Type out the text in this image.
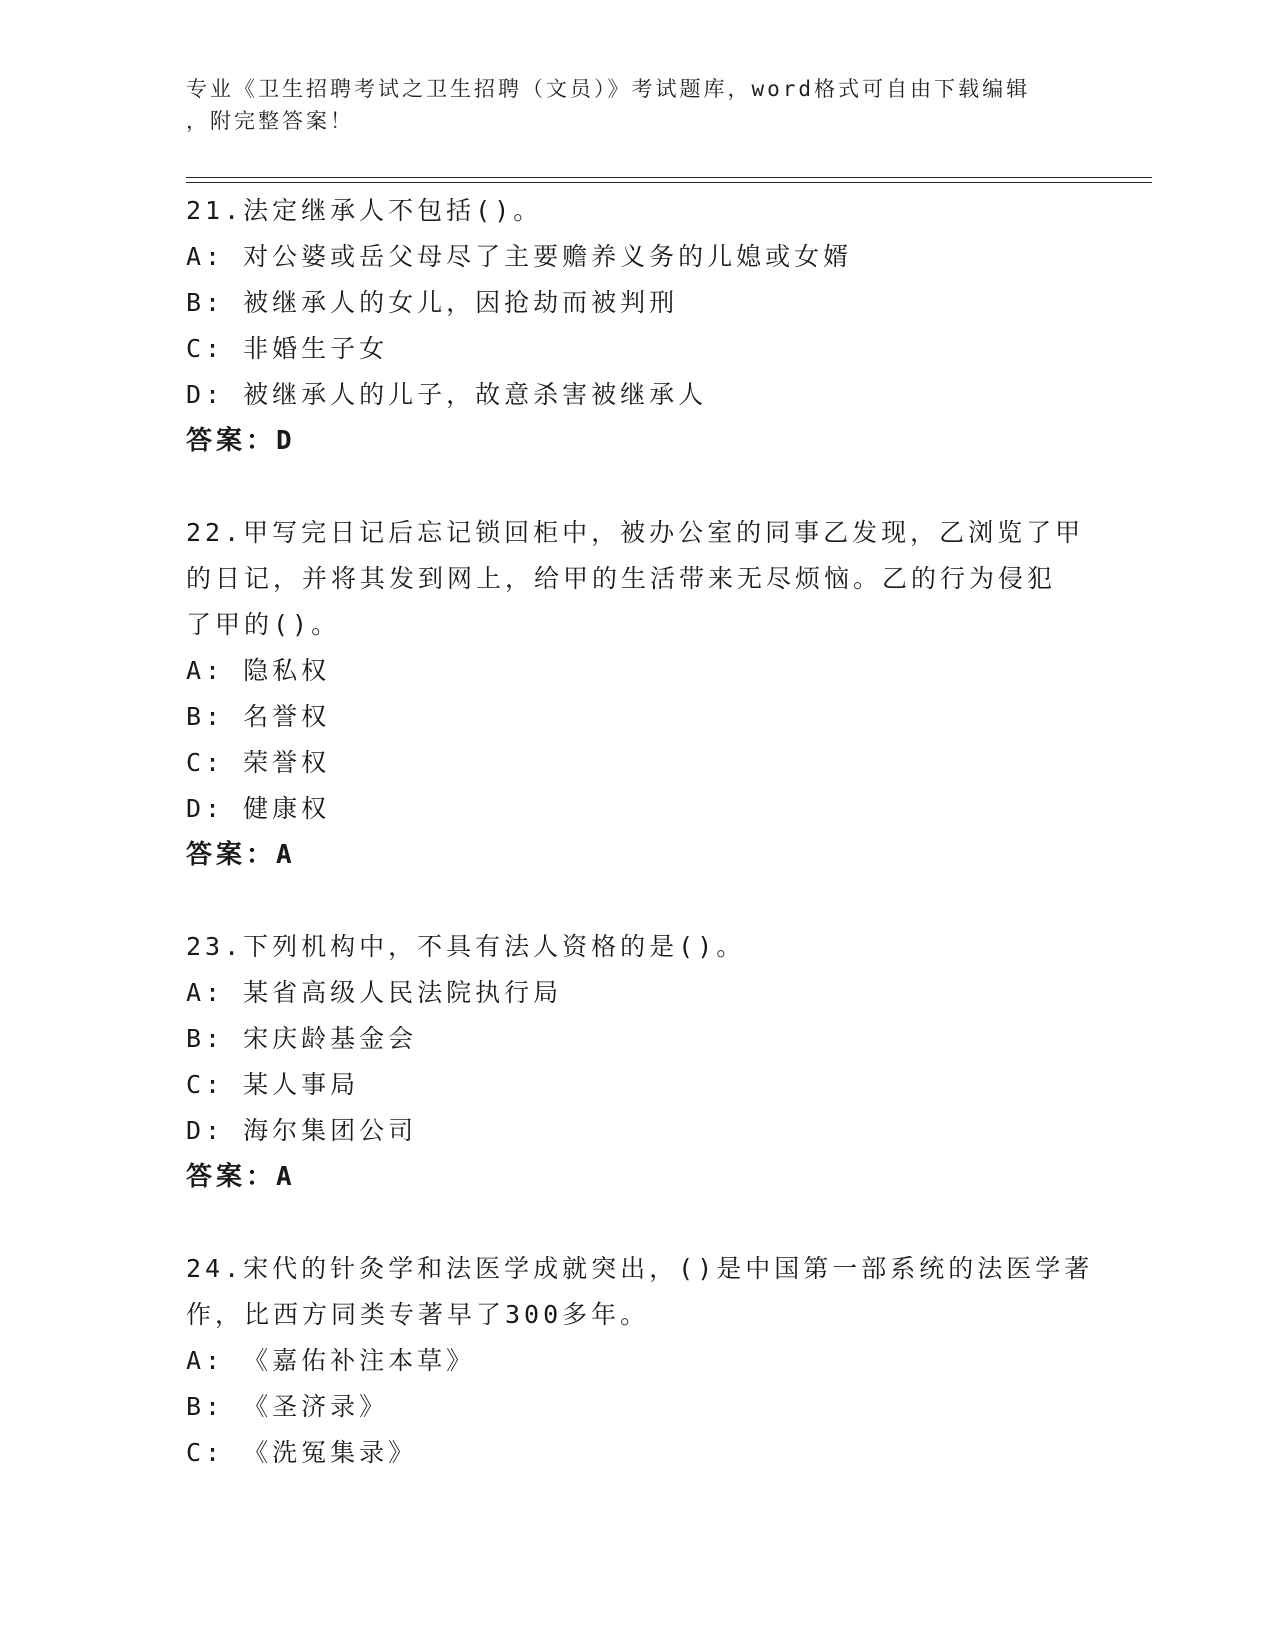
专业《卫生招聘考试之卫生招聘（文员）》考试题库，word格式可自由下载编辑
，附完整答案！
21.法定继承人不包括()。

A: 对公婆或岳父母尽了主要赡养义务的儿媳或女婿

B: 被继承人的女儿，因抢劫而被判刑

C: 非婚生子女

D: 被继承人的儿子，故意杀害被继承人

答案：D

22.甲写完日记后忘记锁回柜中，被办公室的同事乙发现，乙浏览了甲
的日记，并将其发到网上，给甲的生活带来无尽烦恼。乙的行为侵犯
了甲的()。

A: 隐私权

B: 名誉权

C: 荣誉权

D: 健康权

答案：A

23.下列机构中，不具有法人资格的是()。

A: 某省高级人民法院执行局

B: 宋庆龄基金会

C: 某人事局

D: 海尔集团公司

答案：A

24.宋代的针灸学和法医学成就突出，()是中国第一部系统的法医学著
作，比西方同类专著早了300多年。

A: 《嘉佑补注本草》

B: 《圣济录》

C: 《洗冤集录》
